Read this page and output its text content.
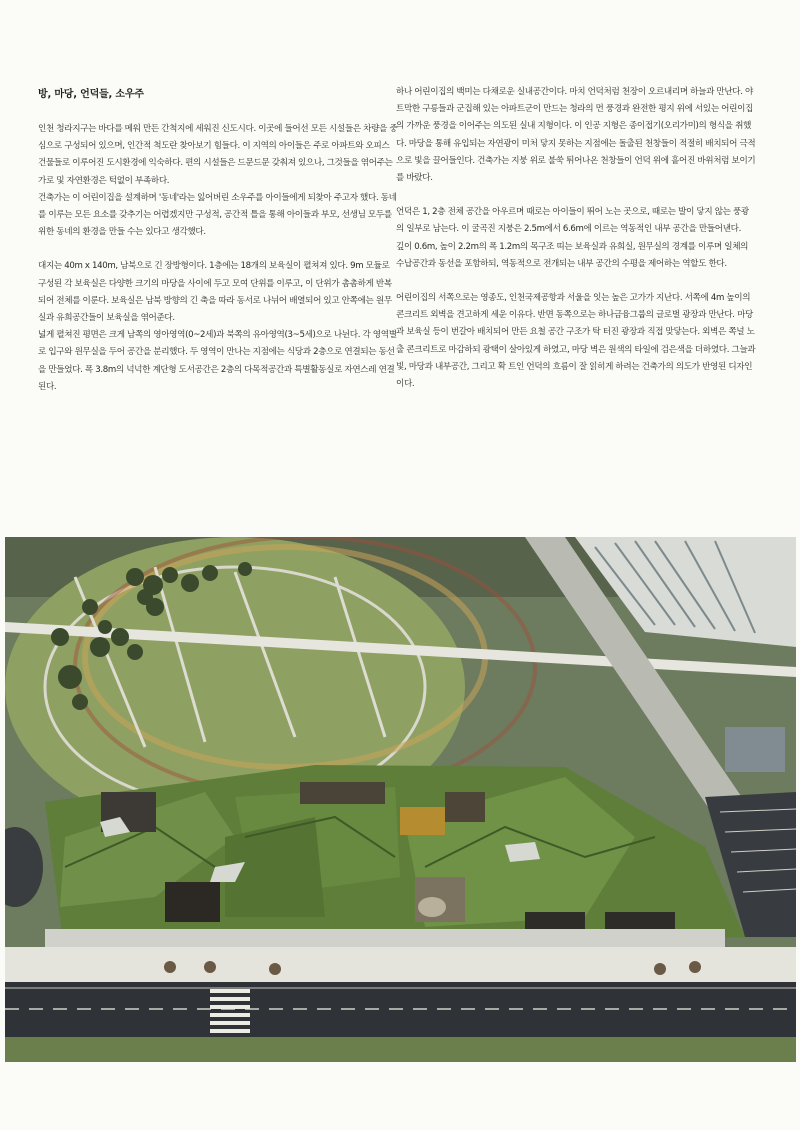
방, 마당, 언덕들, 소우주

인천 청라지구는 바다를 메워 만든 간척지에 세워진 신도시다. 이곳에 들어선 모든 시설들은 차량을 중심으로 구성되어 있으며, 인간적 척도란 찾아보기 힘들다. 이 지역의 아이들은 주로 아파트와 오피스 건물들로 이루어진 도시환경에 익숙하다. 편의 시설들은 드문드문 갖춰져 있으나, 그것들을 엮어주는 가로 및 자연환경은 턱없이 부족하다.

건축가는 이 어린이집을 설계하며 '동네'라는 잃어버린 소우주를 아이들에게 되찾아 주고자 했다. 동네를 이루는 모든 요소를 갖추기는 어렵겠지만 구성적, 공간적 틀을 통해 아이들과 부모, 선생님 모두를 위한 동네의 환경을 만들 수는 있다고 생각했다.

대지는 40m x 140m, 남북으로 긴 장방형이다. 1층에는 18개의 보육실이 펼쳐져 있다. 9m 모듈로 구성된 각 보육실은 다양한 크기의 마당을 사이에 두고 모여 단위를 이루고, 이 단위가 촘촘하게 반복되어 전체를 이룬다. 보육실은 남북 방향의 긴 축을 따라 동서로 나뉘어 배열되어 있고 안쪽에는 원무실과 유희공간들이 보육실을 엮어준다.

넓게 펼쳐진 평면은 크게 남쪽의 영아영역(0~2세)과 북쪽의 유아영역(3~5세)으로 나뉜다. 각 영역별로 입구와 원무실을 두어 공간을 분리했다. 두 영역이 만나는 지점에는 식당과 2층으로 연결되는 동선을 만들었다. 폭 3.8m의 넉넉한 계단형 도서공간은 2층의 다목적공간과 특별활동실로 자연스레 연결된다.

하나 어린이집의 백미는 다채로운 실내공간이다. 마치 언덕처럼 천장이 오르내리며 하늘과 만난다. 야트막한 구릉들과 군집해 있는 아파트군이 만드는 청라의 먼 풍경과 완전한 평지 위에 서있는 어린이집의 가까운 풍경을 이어주는 의도된 실내 지형이다. 이 인공 지형은 종이접기(오리가미)의 형식을 취했다. 마당을 통해 유입되는 자연광이 미처 닿지 못하는 지점에는 돌출된 천창들이 적절히 배치되어 극적으로 빛을 끌어들인다. 건축가는 지붕 위로 불쑥 튀어나온 천창들이 언덕 위에 흩어진 바위처럼 보이기를 바랐다.

언덕은 1, 2층 전체 공간을 아우르며 때로는 아이들이 뛰어 노는 곳으로, 때로는 발이 닿지 않는 풍광의 일부로 남는다. 이 굴곡진 지붕은 2.5m에서 6.6m에 이르는 역동적인 내부 공간을 만들어낸다.

깊이 0.6m, 높이 2.2m의 폭 1.2m의 목구조 띠는 보육실과 유희실, 원무실의 경계를 이루며 일체의 수납공간과 동선을 포함하되, 역동적으로 전개되는 내부 공간의 수평을 제어하는 역할도 한다.

어린이집의 서쪽으로는 영종도, 인천국제공항과 서울을 잇는 높은 고가가 지난다. 서쪽에 4m 높이의 콘크리트 외벽을 견고하게 세운 이유다. 반면 동쪽으로는 하나금융그룹의 글로벌 광장과 만난다. 마당과 보육실 등이 번갈아 배치되어 만든 요철 공간 구조가 탁 터진 광장과 직접 맞닿는다. 외벽은 쪽널 노출 콘크리트로 마감하되 광택이 살아있게 하였고, 마당 벽은 원색의 타일에 검은색을 더하였다. 그늘과 빛, 마당과 내부공간, 그리고 확 트인 언덕의 흐름이 잘 읽히게 하려는 건축가의 의도가 반영된 디자인이다.
